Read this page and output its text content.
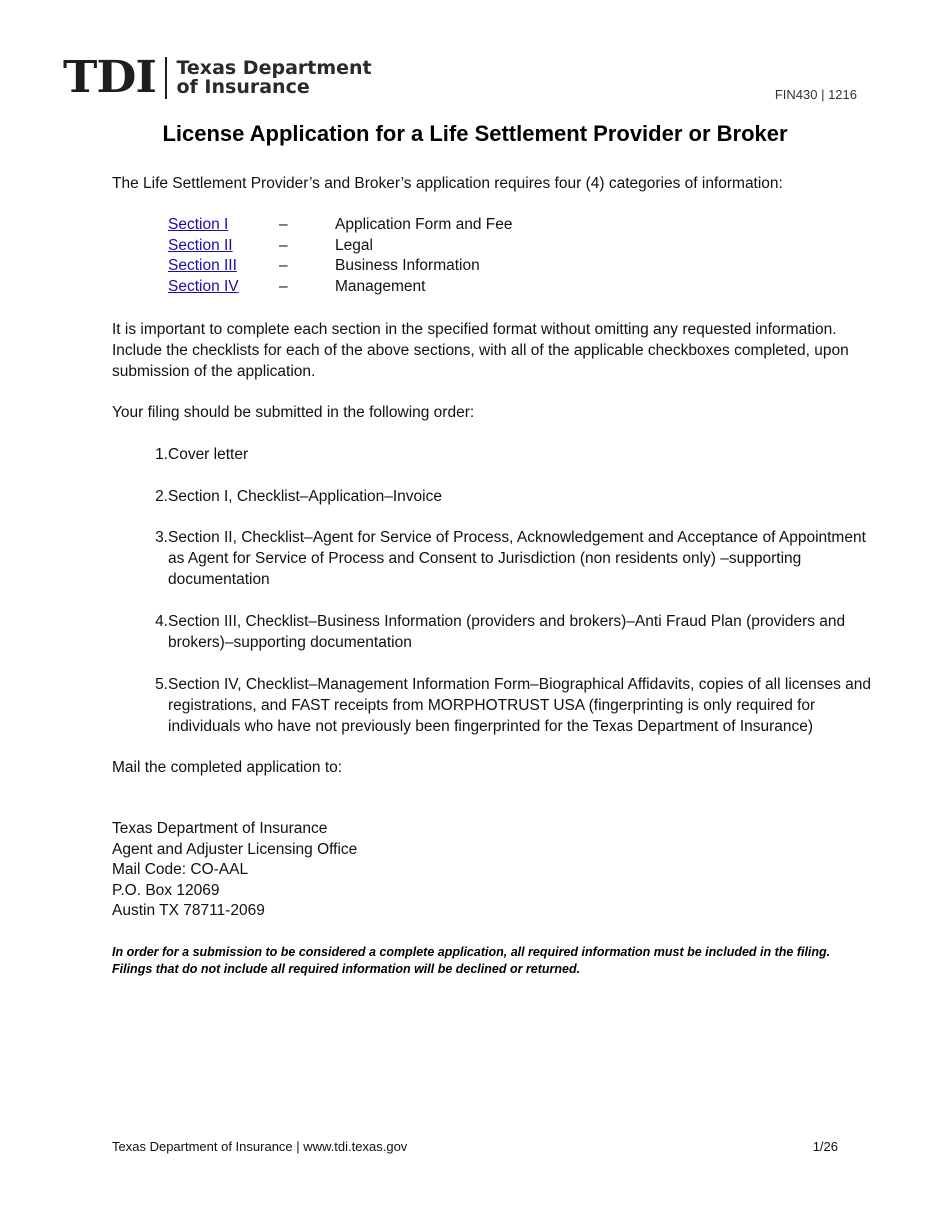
TDI Texas Department
of Insurance	FIN430 | 1216
License Application for a Life Settlement Provider or Broker
The Life Settlement Provider’s and Broker’s application requires four (4) categories of information:
Section I	–	Application Form and Fee
Section II	–	Legal
Section III	–	Business Information
Section IV	–	Management
It is important to complete each section in the specified format without omitting any requested information. Include the checklists for each of the above sections, with all of the applicable checkboxes completed, upon submission of the application.
Your filing should be submitted in the following order:
1. Cover letter
2. Section I, Checklist–Application–Invoice
3. Section II, Checklist–Agent for Service of Process, Acknowledgement and Acceptance of Appointment as Agent for Service of Process and Consent to Jurisdiction (non residents only) –supporting documentation
4. Section III, Checklist–Business Information (providers and brokers)–Anti Fraud Plan (providers and brokers)–supporting documentation
5. Section IV, Checklist–Management Information Form–Biographical Affidavits, copies of all licenses and registrations, and FAST receipts from MORPHOTRUST USA (fingerprinting is only required for individuals who have not previously been fingerprinted for the Texas Department of Insurance)
Mail the completed application to:
Texas Department of Insurance
Agent and Adjuster Licensing Office
Mail Code: CO-AAL
P.O. Box 12069
Austin TX 78711-2069
In order for a submission to be considered a complete application, all required information must be included in the filing. Filings that do not include all required information will be declined or returned.
Texas Department of Insurance | www.tdi.texas.gov	1/26
